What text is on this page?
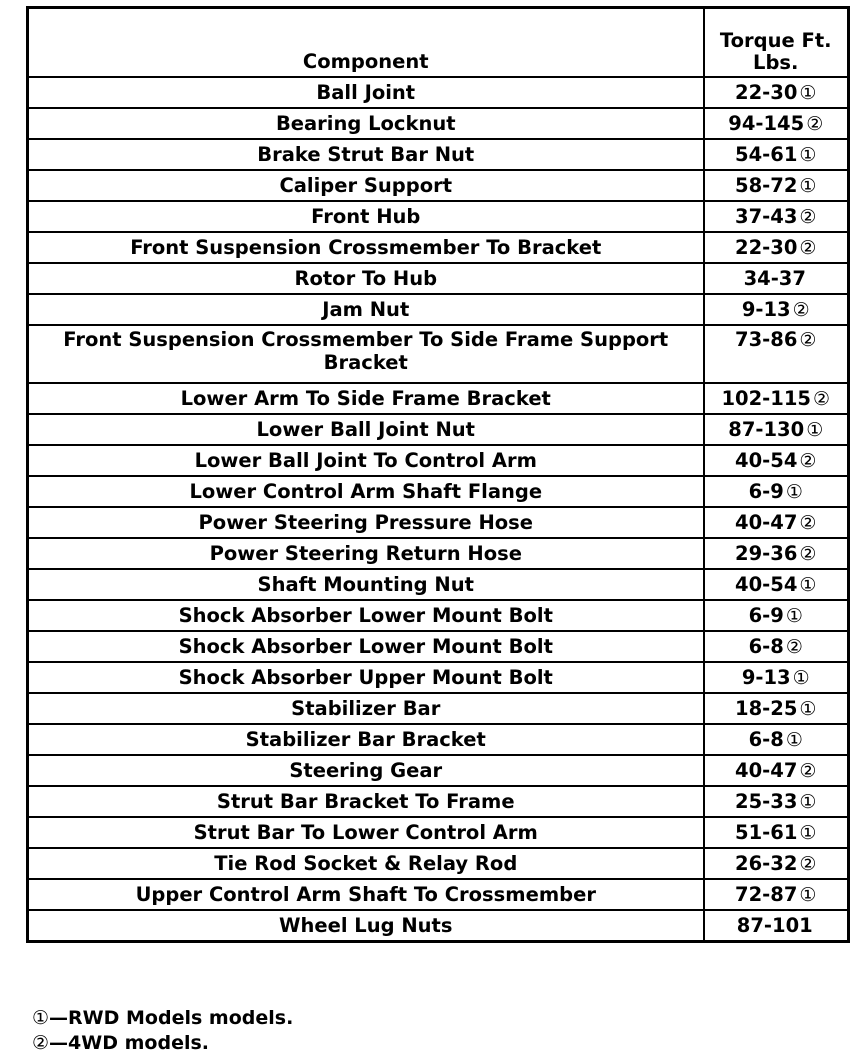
Component	Torque Ft. Lbs.
Ball Joint	22-30 ①
Bearing Locknut	94-145 ②
Brake Strut Bar Nut	54-61 ①
Caliper Support	58-72 ①
Front Hub	37-43 ②
Front Suspension Crossmember To Bracket	22-30 ②
Rotor To Hub	34-37
Jam Nut	9-13 ②
Front Suspension Crossmember To Side Frame Support Bracket	73-86 ②
Lower Arm To Side Frame Bracket	102-115 ②
Lower Ball Joint Nut	87-130 ①
Lower Ball Joint To Control Arm	40-54 ②
Lower Control Arm Shaft Flange	6-9 ①
Power Steering Pressure Hose	40-47 ②
Power Steering Return Hose	29-36 ②
Shaft Mounting Nut	40-54 ①
Shock Absorber Lower Mount Bolt	6-9 ①
Shock Absorber Lower Mount Bolt	6-8 ②
Shock Absorber Upper Mount Bolt	9-13 ①
Stabilizer Bar	18-25 ①
Stabilizer Bar Bracket	6-8 ①
Steering Gear	40-47 ②
Strut Bar Bracket To Frame	25-33 ①
Strut Bar To Lower Control Arm	51-61 ①
Tie Rod Socket & Relay Rod	26-32 ②
Upper Control Arm Shaft To Crossmember	72-87 ①
Wheel Lug Nuts	87-101
①—RWD Models models.
②—4WD models.
